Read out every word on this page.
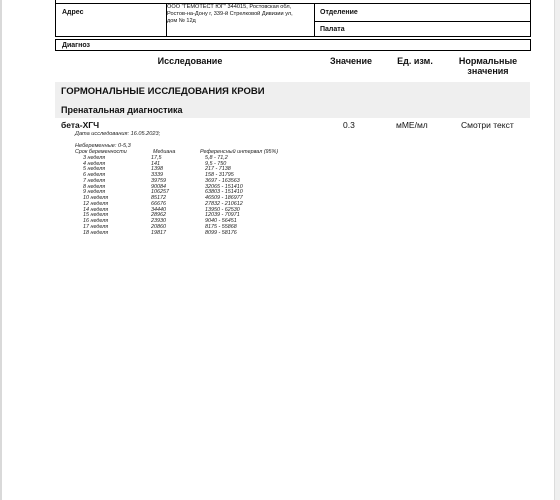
Адрес
ООО "ГЕМОТЕСТ ЮГ" 344015, Ростовская обл,
Ростов-на-Дону г, 339-й Стрелковой Дивизии ул,
дом № 12д
Отделение
Палата
Диагноз
Исследование	Значение	Ед. изм.	Нормальные
значения
ГОРМОНАЛЬНЫЕ ИССЛЕДОВАНИЯ КРОВИ
Пренатальная диагностика
бета-ХГЧ
Дата исследования: 16.05.2023;
0.3	мМЕ/мл	Смотри текст
Небеременные: 0-5,3
Срок беременности	Медиана	Референсный интервал (95%)
3 неделя	17,5	5,8 - 71,2
4 неделя	141	9,5 - 750
5 неделя	1398	217 - 7138
6 неделя	3339	158 - 31795
7 неделя	39759	3697 - 163563
8 неделя	90084	32065 - 151410
9 неделя	106257	63803 - 151410
10 неделя	85172	46509 - 186977
12 неделя	66676	27832 - 210612
14 неделя	34440	13950 - 62530
15 неделя	28962	12039 - 70971
16 неделя	23930	9040 - 56451
17 неделя	20860	8175 - 55868
18 неделя	19817	8099 - 58176
